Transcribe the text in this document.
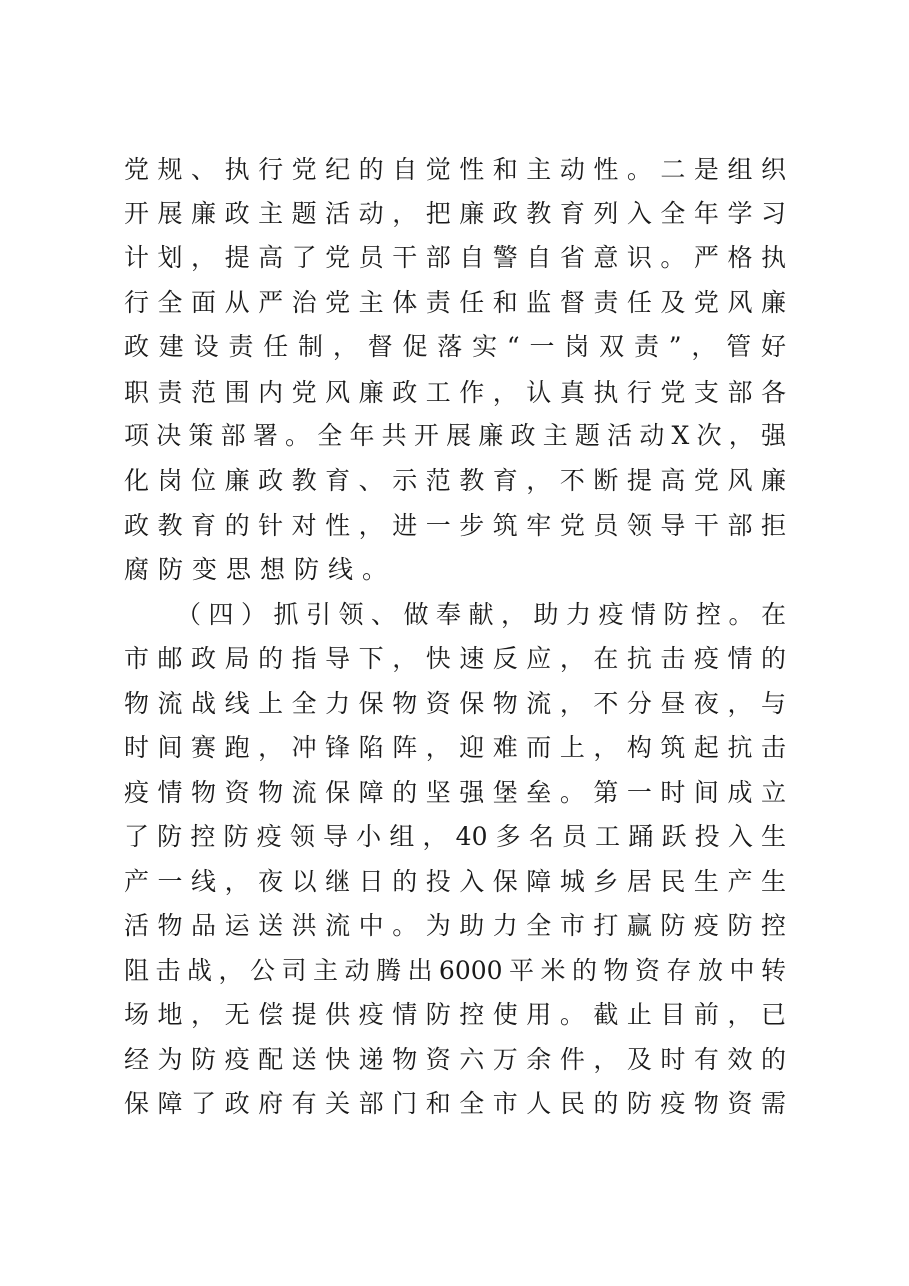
党规、执行党纪的自觉性和主动性。二是组织
开展廉政主题活动，把廉政教育列入全年学习
计划，提高了党员干部自警自省意识。严格执
行全面从严治党主体责任和监督责任及党风廉
政建设责任制，督促落实“一岗双责”，管好
职责范围内党风廉政工作，认真执行党支部各
项决策部署。全年共开展廉政主题活动X次，强
化岗位廉政教育、示范教育，不断提高党风廉
政教育的针对性，进一步筑牢党员领导干部拒
腐防变思想防线。
（四）抓引领、做奉献，助力疫情防控。在
市邮政局的指导下，快速反应，在抗击疫情的
物流战线上全力保物资保物流，不分昼夜，与
时间赛跑，冲锋陷阵，迎难而上，构筑起抗击
疫情物资物流保障的坚强堡垒。第一时间成立
了防控防疫领导小组，40多名员工踊跃投入生
产一线，夜以继日的投入保障城乡居民生产生
活物品运送洪流中。为助力全市打赢防疫防控
阻击战，公司主动腾出6000平米的物资存放中转
场地，无偿提供疫情防控使用。截止目前，已
经为防疫配送快递物资六万余件，及时有效的
保障了政府有关部门和全市人民的防疫物资需
